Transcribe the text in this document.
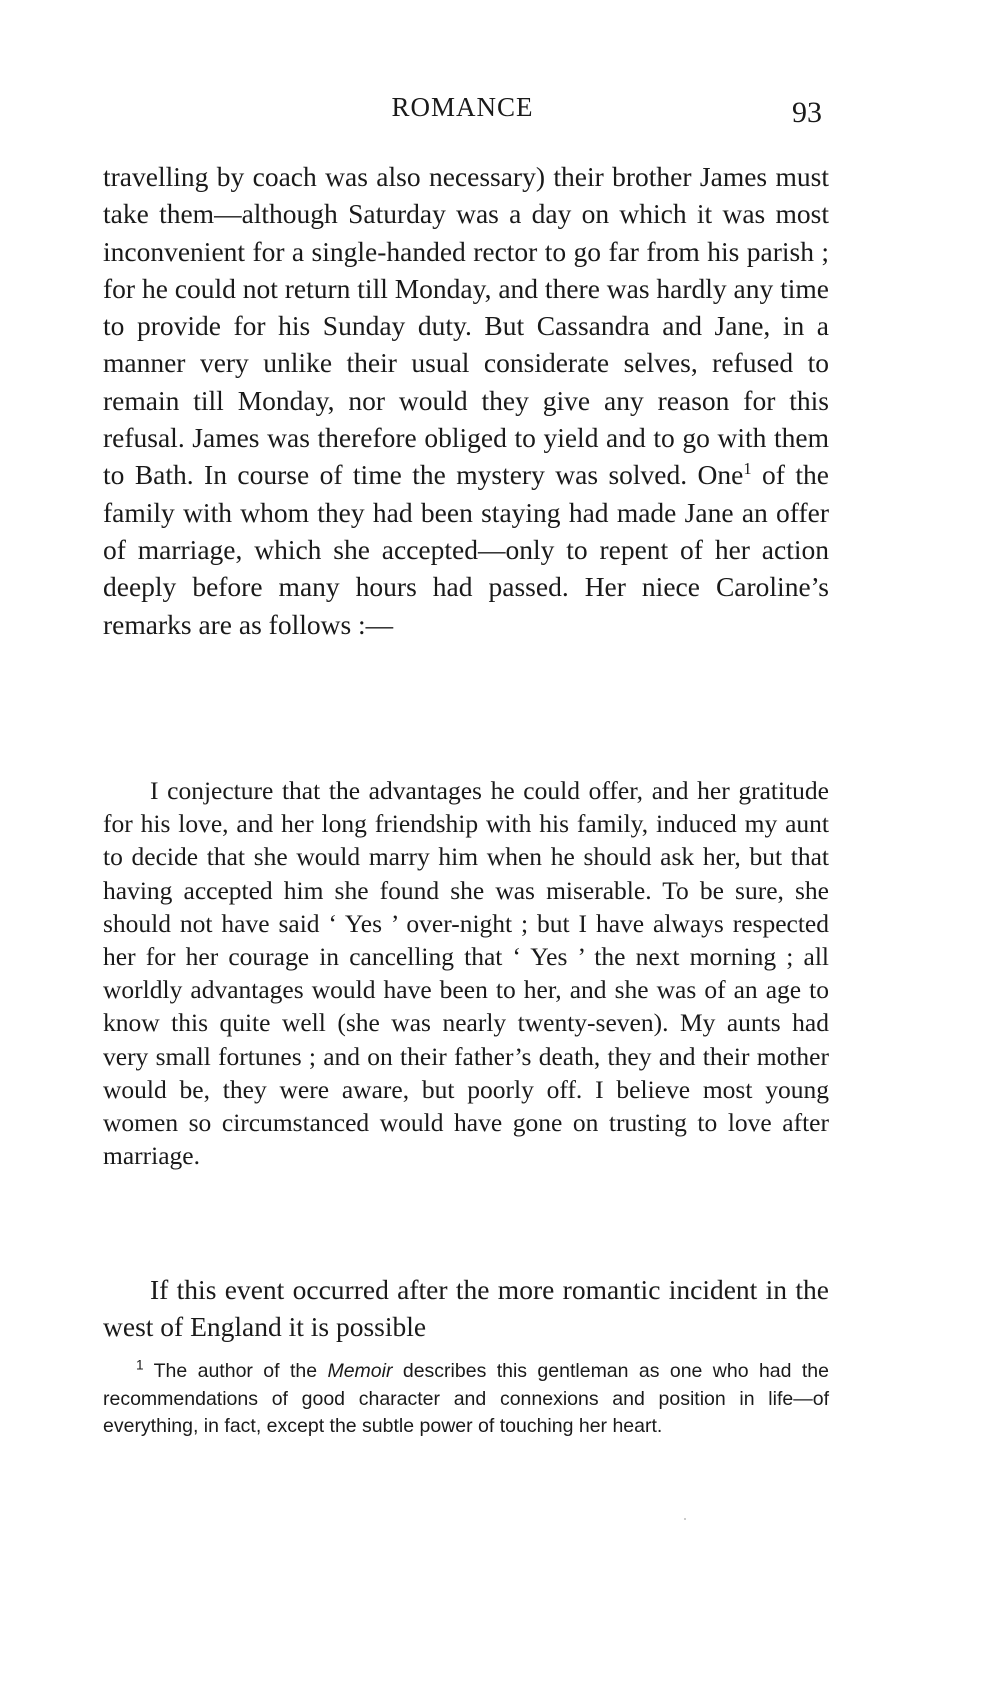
ROMANCE	93

travelling by coach was also necessary) their brother James must take them—although Saturday was a day on which it was most inconvenient for a single-handed rector to go far from his parish ; for he could not return till Monday, and there was hardly any time to provide for his Sunday duty. But Cassandra and Jane, in a manner very unlike their usual considerate selves, refused to remain till Monday, nor would they give any reason for this refusal. James was therefore obliged to yield and to go with them to Bath. In course of time the mystery was solved. One$^1$ of the family with whom they had been staying had made Jane an offer of marriage, which she accepted—only to repent of her action deeply before many hours had passed. Her niece Caroline’s remarks are as follows :—

I conjecture that the advantages he could offer, and her gratitude for his love, and her long friendship with his family, induced my aunt to decide that she would marry him when he should ask her, but that having accepted him she found she was miserable. To be sure, she should not have said ‘ Yes ’ over-night ; but I have always respected her for her courage in cancelling that ‘ Yes ’ the next morning ; all worldly advantages would have been to her, and she was of an age to know this quite well (she was nearly twenty-seven). My aunts had very small fortunes ; and on their father’s death, they and their mother would be, they were aware, but poorly off. I believe most young women so circumstanced would have gone on trusting to love after marriage.

If this event occurred after the more romantic incident in the west of England it is possible

$^1$ The author of the Memoir describes this gentleman as one who had the recommendations of good character and connexions and position in life—of everything, in fact, except the subtle power of touching her heart.
